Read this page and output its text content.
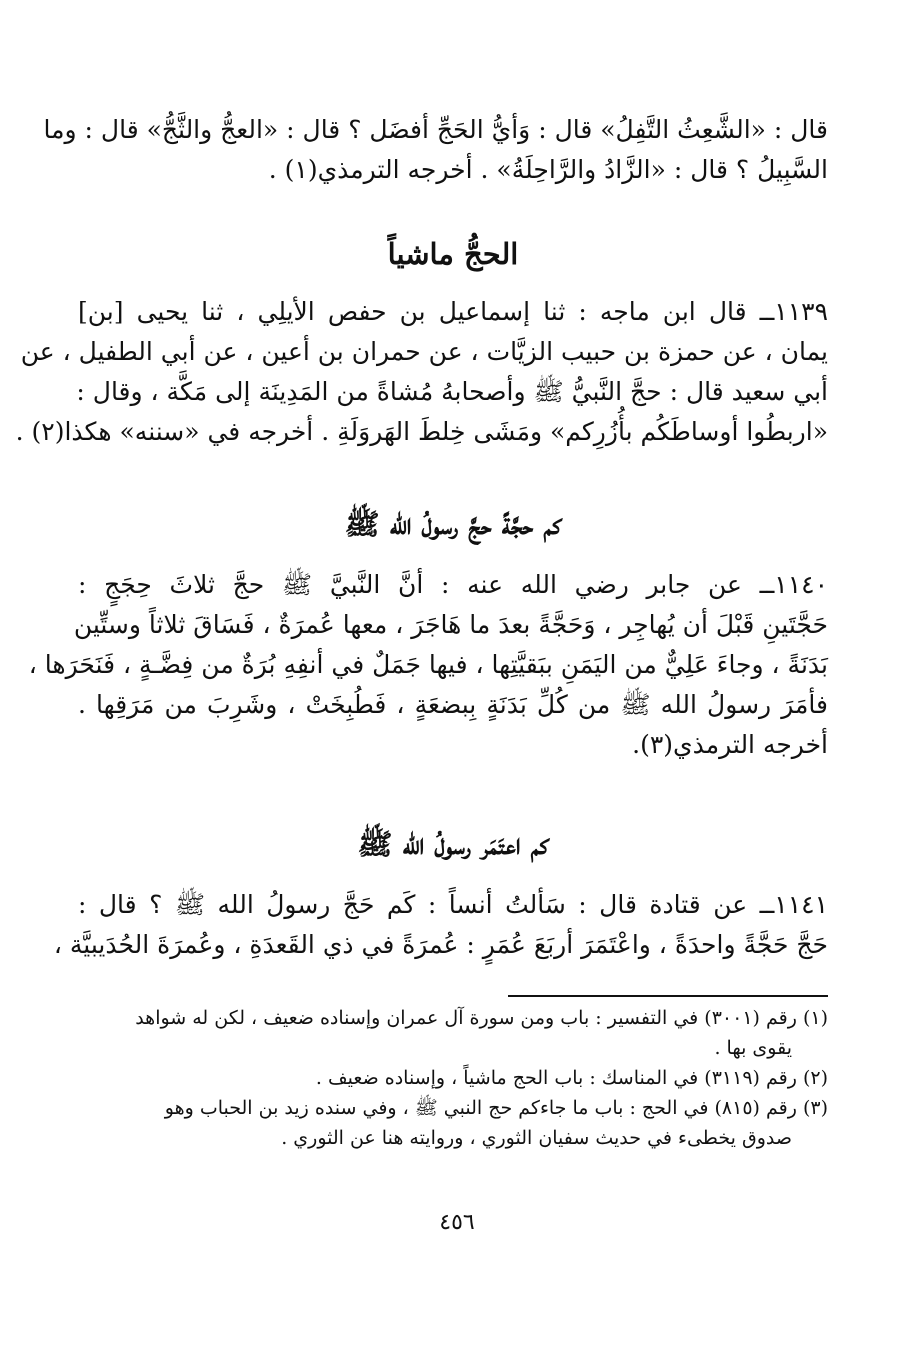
قال : «الشَّعِثُ التَّفِلُ» قال : وَأيُّ الحَجِّ أفضَل ؟ قال : «العجُّ والثَّجُّ» قال : وما
السَّبِيلُ ؟ قال : «الزَّادُ والرَّاحِلَةُ» . أخرجه الترمذي(١) .
الحجُّ ماشياً
١١٣٩ــ قال ابن ماجه : ثنا إسماعيل بن حفص الأيلِي ، ثنا يحيى [بن]
يمان ، عن حمزة بن حبيب الزيَّات ، عن حمران بن أعين ، عن أبي الطفيل ، عن
أبي سعيد قال : حجَّ النَّبيُّ ﷺ وأصحابهُ مُشاةً من المَدِينَة إلى مَكَّة ، وقال :
«اربطُوا أوساطَكُم بأُزُرِكم» ومَشَى خِلطَ الهَروَلَةِ . أخرجه في «سننه» هكذا(٢) .
كم حجَّةً حجَّ رسولُ الله ﷺ
١١٤٠ــ عن جابر رضي الله عنه : أنَّ النَّبيَّ ﷺ حجَّ ثلاثَ حِجَجٍ :
حَجَّتَينِ قَبْلَ أن يُهاجِر ، وَحَجَّةً بعدَ ما هَاجَرَ ، معها عُمرَةٌ ، فَسَاقَ ثلاثاً وستِّين
بَدَنَةً ، وجاءَ عَلِيٌّ من اليَمَنِ ببَقيَّتِها ، فيها جَمَلٌ في أنفِهِ بُرَةٌ من فِضَّـةٍ ، فَنَحَرَها ،
فأمَرَ رسولُ الله ﷺ من كُلِّ بَدَنَةٍ بِبضعَةٍ ، فَطُبِخَتْ ، وشَرِبَ من مَرَقِها .
أخرجه الترمذي(٣).
كم اعتَمَر رسولُ الله ﷺ
١١٤١ــ عن قتادة قال : سَألتُ أنساً : كَم حَجَّ رسولُ الله ﷺ ؟ قال :
حَجَّ حَجَّةً واحدَةً ، واعْتَمَرَ أربَعَ عُمَرٍ : عُمرَةً في ذي القَعدَةِ ، وعُمرَةَ الحُدَيبيَّة ،
(١) رقم (٣٠٠١) في التفسير : باب ومن سورة آل عمران وإسناده ضعيف ، لكن له شواهد
يقوى بها .
(٢) رقم (٣١١٩) في المناسك : باب الحج ماشياً ، وإسناده ضعيف .
(٣) رقم (٨١٥) في الحج : باب ما جاءكم حج النبي ﷺ ، وفي سنده زيد بن الحباب وهو
صدوق يخطىء في حديث سفيان الثوري ، وروايته هنا عن الثوري .
٤٥٦
